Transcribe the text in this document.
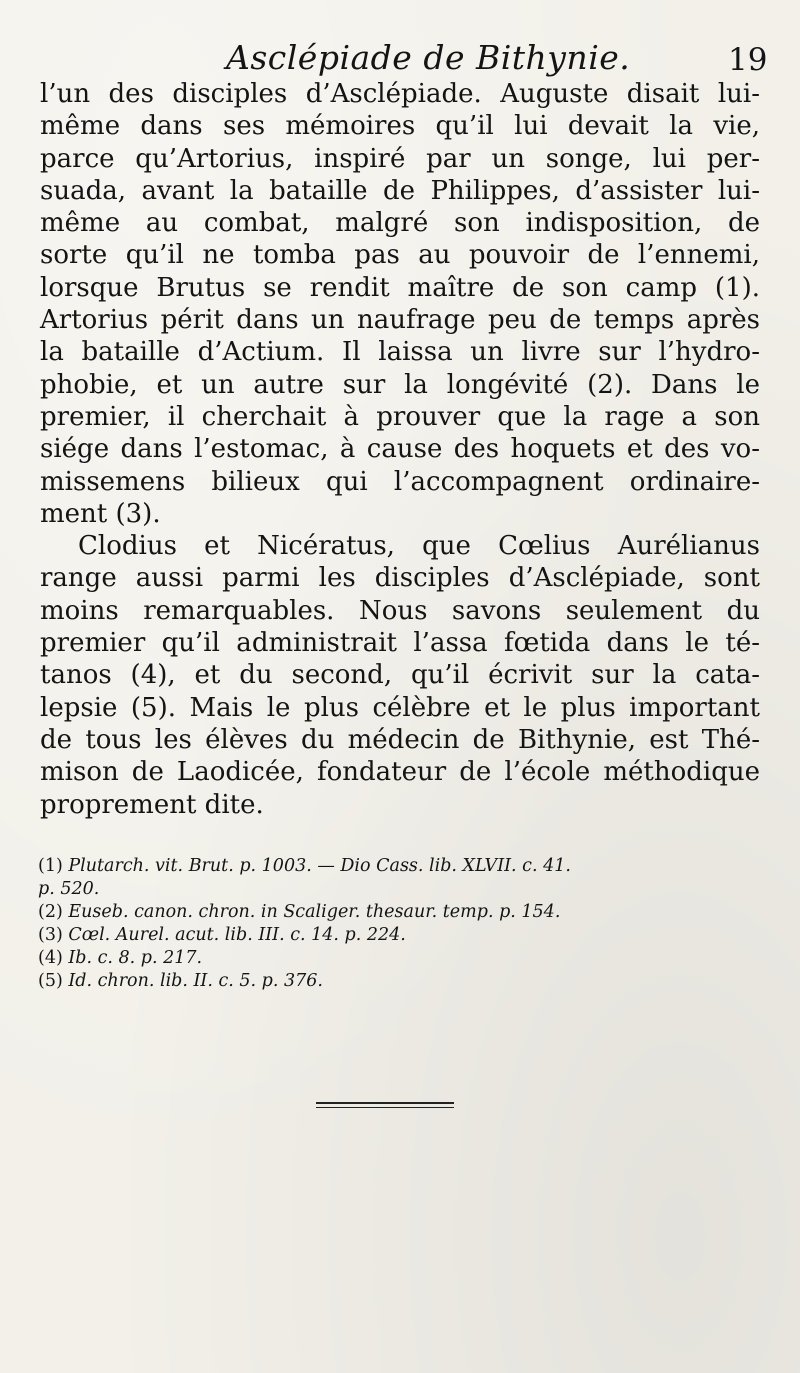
Asclépiade de Bithynie.	19
l’un des disciples d’Asclépiade. Auguste disait lui-
même dans ses mémoires qu’il lui devait la vie,
parce qu’Artorius, inspiré par un songe, lui per-
suada, avant la bataille de Philippes, d’assister lui-
même au combat, malgré son indisposition, de
sorte qu’il ne tomba pas au pouvoir de l’ennemi,
lorsque Brutus se rendit maître de son camp (1).
Artorius périt dans un naufrage peu de temps après
la bataille d’Actium. Il laissa un livre sur l’hydro-
phobie, et un autre sur la longévité (2). Dans le
premier, il cherchait à prouver que la rage a son
siége dans l’estomac, à cause des hoquets et des vo-
missemens bilieux qui l’accompagnent ordinaire-
ment (3).
Clodius et Nicératus, que Cœlius Aurélianus
range aussi parmi les disciples d’Asclépiade, sont
moins remarquables. Nous savons seulement du
premier qu’il administrait l’assa fœtida dans le té-
tanos (4), et du second, qu’il écrivit sur la cata-
lepsie (5). Mais le plus célèbre et le plus important
de tous les élèves du médecin de Bithynie, est Thé-
mison de Laodicée, fondateur de l’école méthodique
proprement dite.
(1) Plutarch. vit. Brut. p. 1003. — Dio Cass. lib. XLVII. c. 41.
p. 520.
(2) Euseb. canon. chron. in Scaliger. thesaur. temp. p. 154.
(3) Cœl. Aurel. acut. lib. III. c. 14. p. 224.
(4) Ib. c. 8. p. 217.
(5) Id. chron. lib. II. c. 5. p. 376.
